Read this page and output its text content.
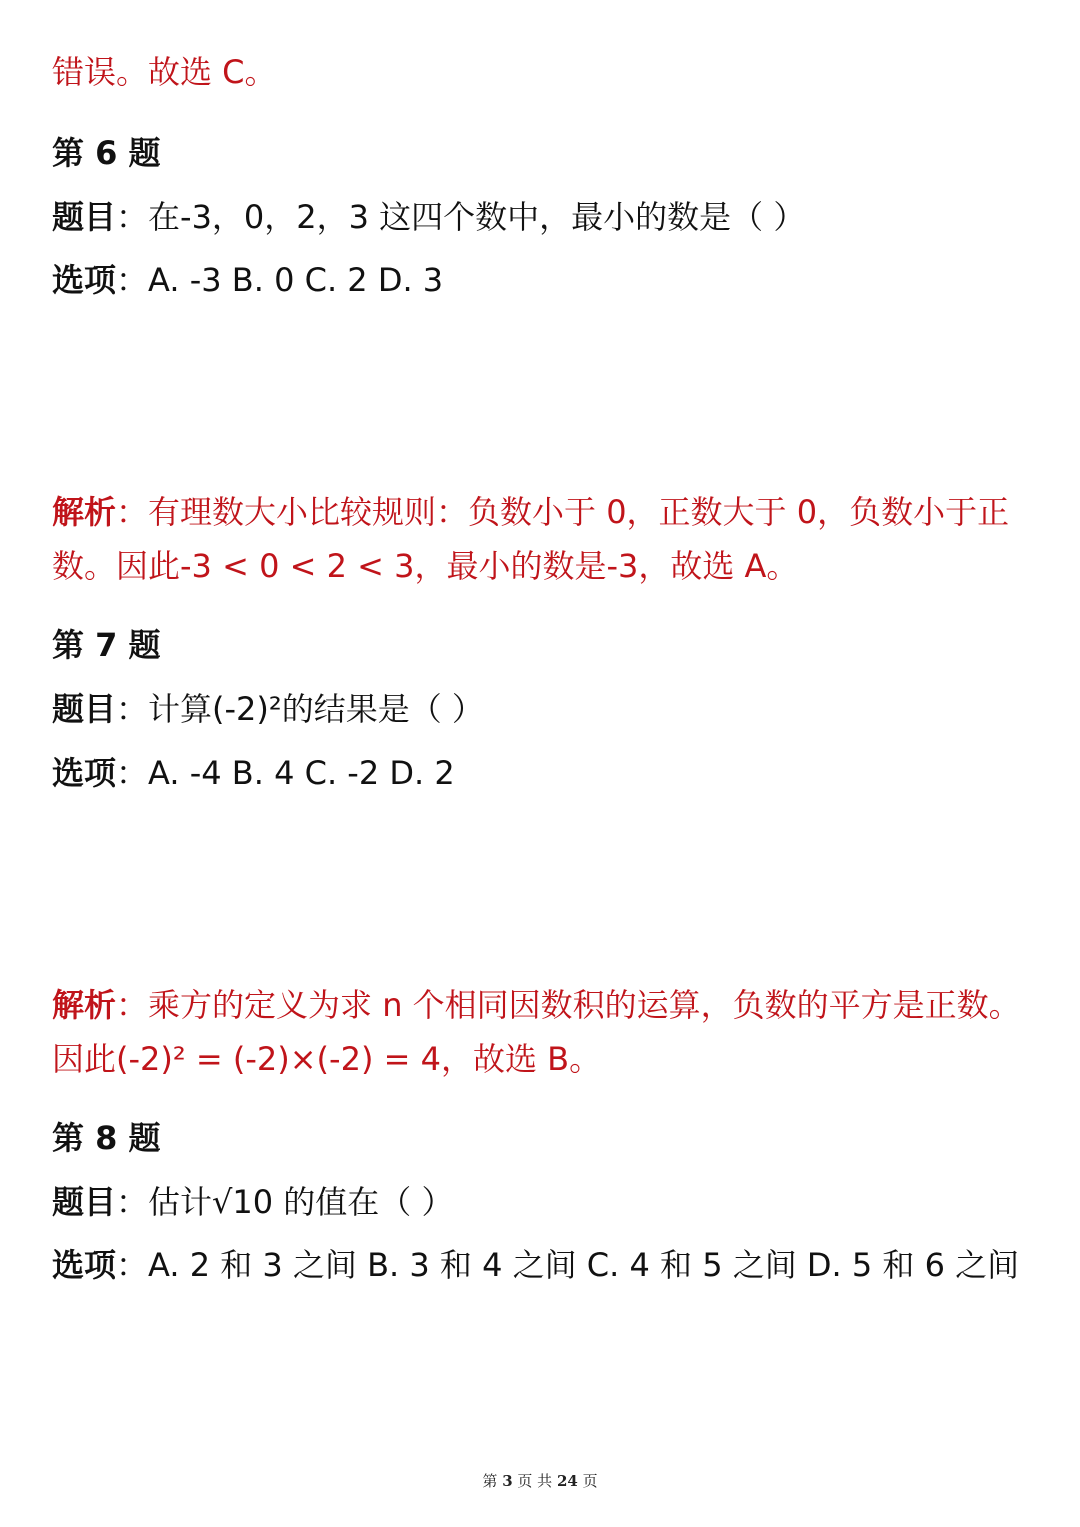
错误。故选 C。
第 6 题
题目：在-3，0，2，3 这四个数中，最小的数是（ ）
选项：A. -3 B. 0 C. 2 D. 3
解析：有理数大小比较规则：负数小于 0，正数大于 0，负数小于正数。因此-3 < 0 < 2 < 3，最小的数是-3，故选 A。
第 7 题
题目：计算(-2)²的结果是（ ）
选项：A. -4 B. 4 C. -2 D. 2
解析：乘方的定义为求 n 个相同因数积的运算，负数的平方是正数。因此(-2)² = (-2)×(-2) = 4，故选 B。
第 8 题
题目：估计√10 的值在（ ）
选项：A. 2 和 3 之间 B. 3 和 4 之间 C. 4 和 5 之间 D. 5 和 6 之间
第 3 页 共 24 页
